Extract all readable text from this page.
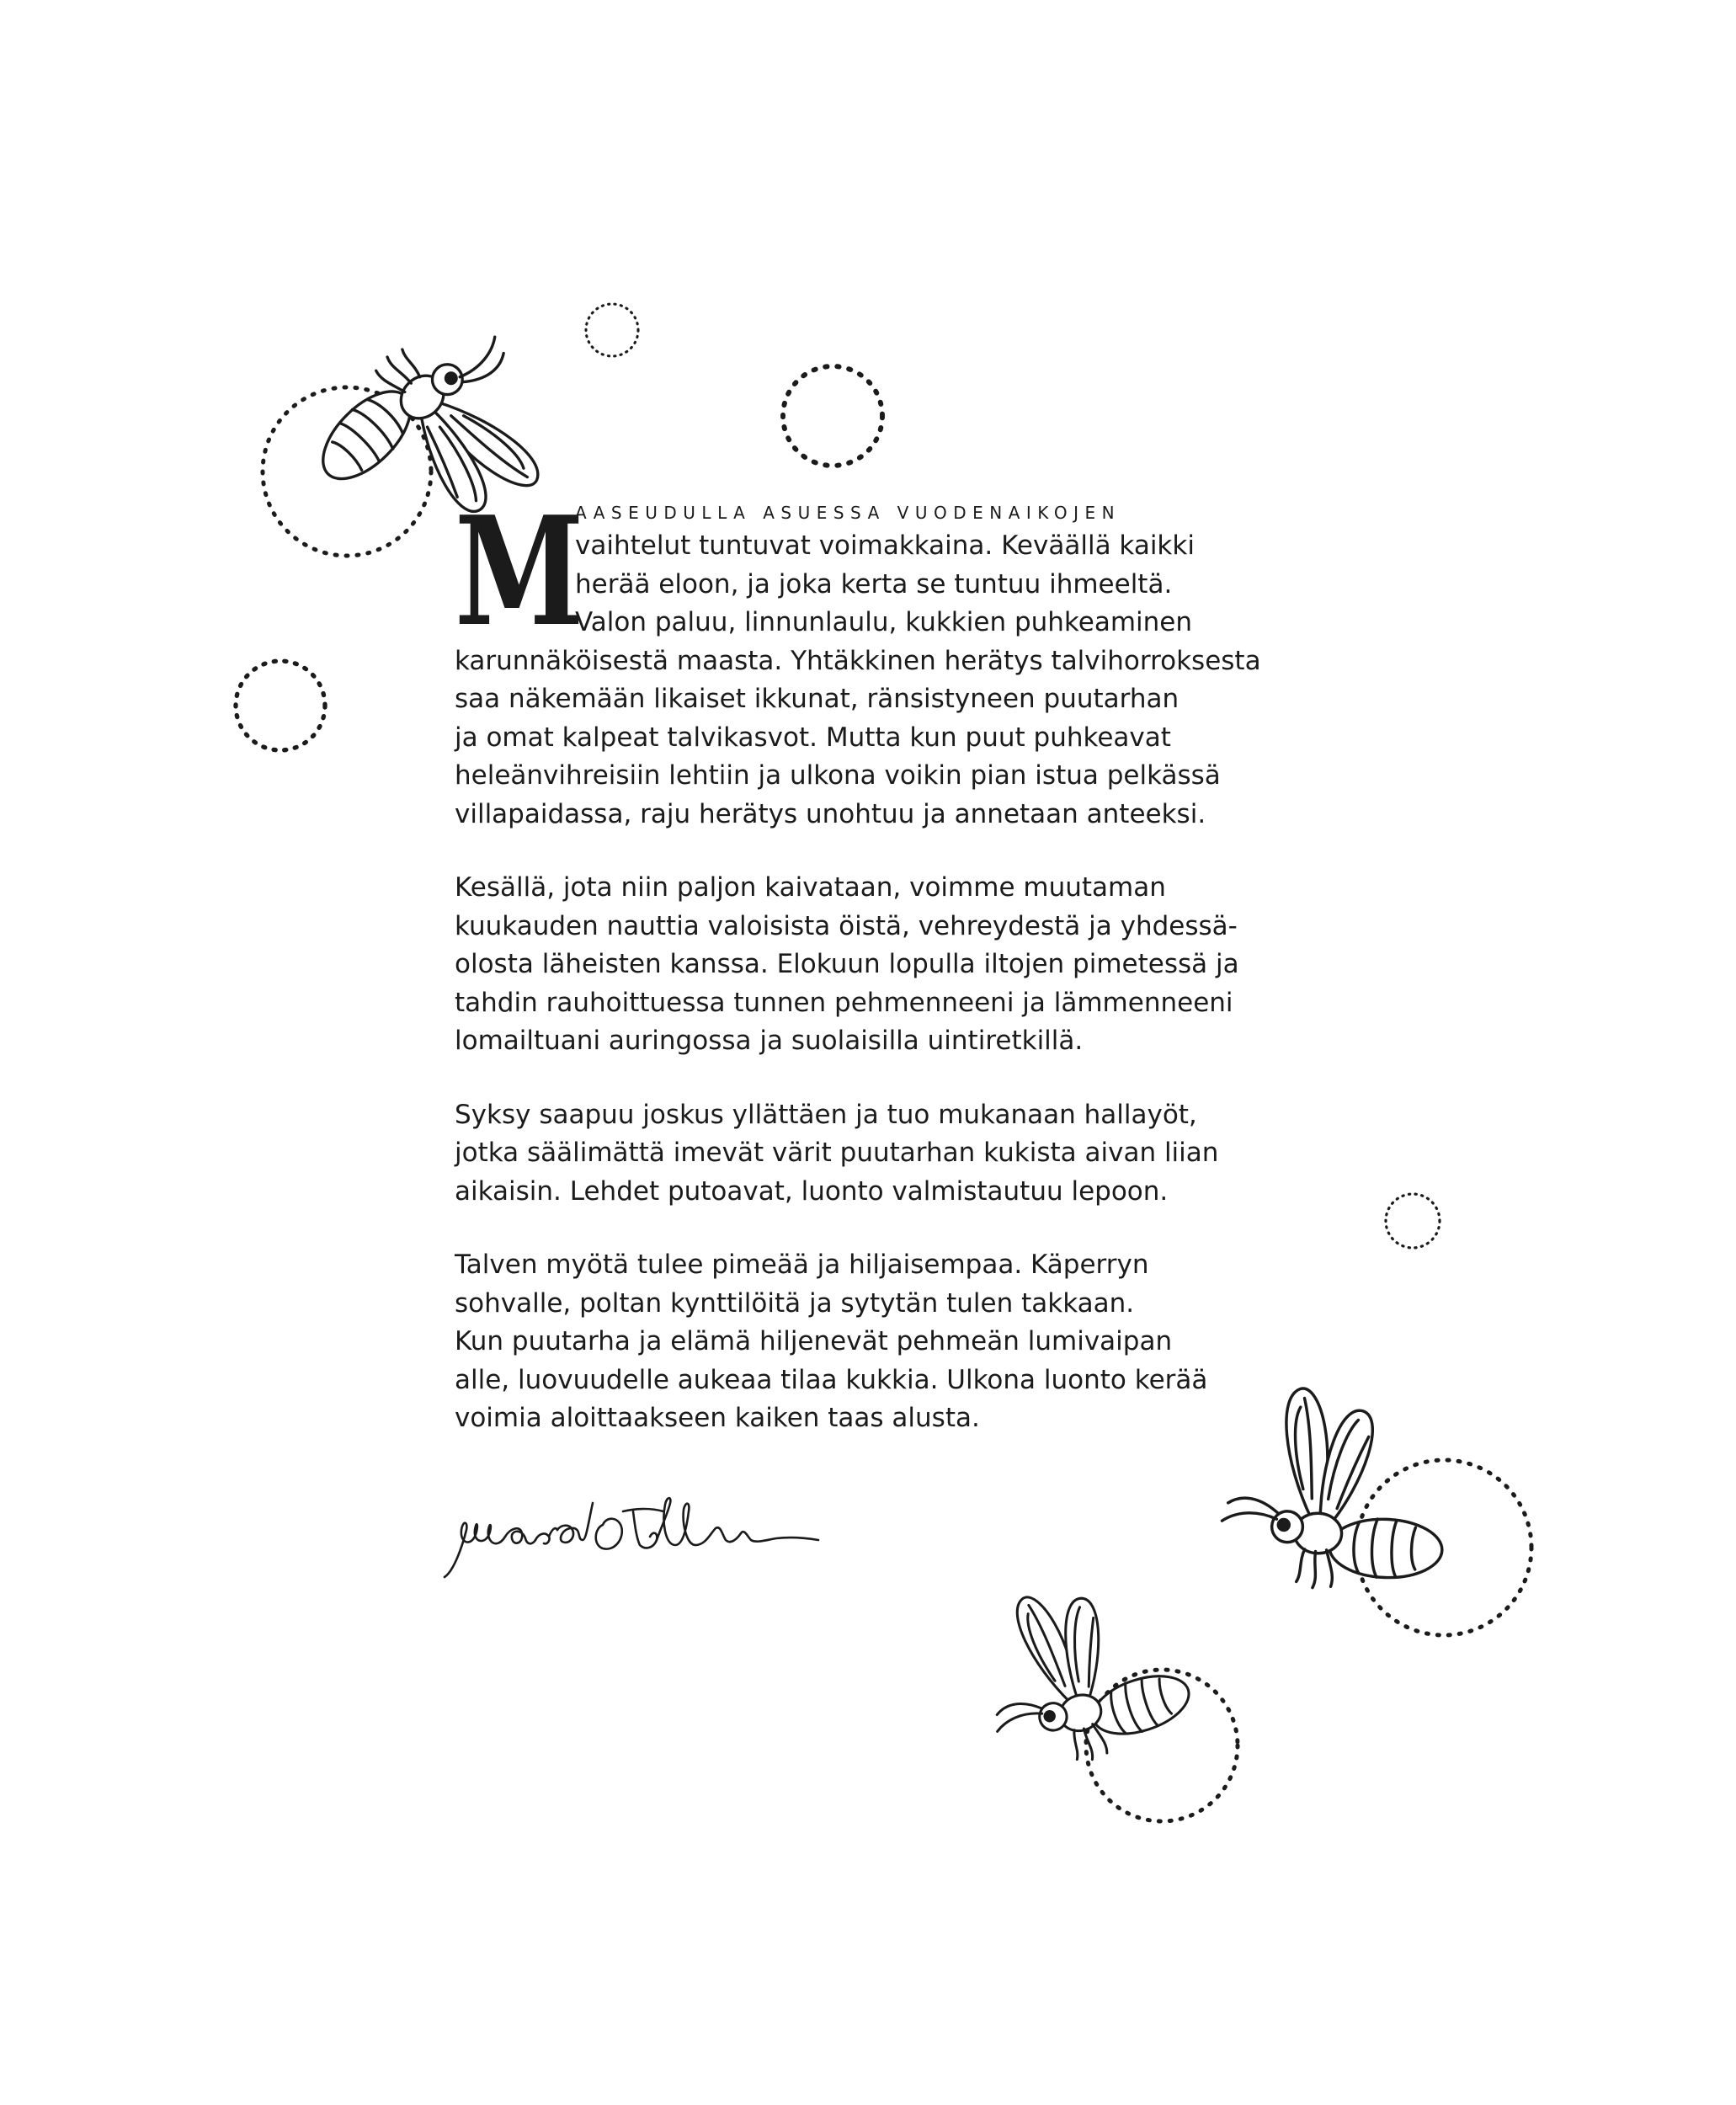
M
AASEUDULLA ASUESSA VUODENAIKOJEN
vaihtelut tuntuvat voimakkaina. Keväällä kaikki
herää eloon, ja joka kerta se tuntuu ihmeeltä.
Valon paluu, linnunlaulu, kukkien puhkeaminen
karunnäköisestä maasta. Yhtäkkinen herätys talvihorroksesta
saa näkemään likaiset ikkunat, ränsistyneen puutarhan
ja omat kalpeat talvikasvot. Mutta kun puut puhkeavat
heleänvihreisiin lehtiin ja ulkona voikin pian istua pelkässä
villapaidassa, raju herätys unohtuu ja annetaan anteeksi.
Kesällä, jota niin paljon kaivataan, voimme muutaman
kuukauden nauttia valoisista öistä, vehreydestä ja yhdessä-
olosta läheisten kanssa. Elokuun lopulla iltojen pimetessä ja
tahdin rauhoittuessa tunnen pehmenneeni ja lämmenneeni
lomailtuani auringossa ja suolaisilla uintiretkillä.
Syksy saapuu joskus yllättäen ja tuo mukanaan hallayöt,
jotka säälimättä imevät värit puutarhan kukista aivan liian
aikaisin. Lehdet putoavat, luonto valmistautuu lepoon.
Talven myötä tulee pimeää ja hiljaisempaa. Käperryn
sohvalle, poltan kynttilöitä ja sytytän tulen takkaan.
Kun puutarha ja elämä hiljenevät pehmeän lumivaipan
alle, luovuudelle aukeaa tilaa kukkia. Ulkona luonto kerää
voimia aloittaakseen kaiken taas alusta.
